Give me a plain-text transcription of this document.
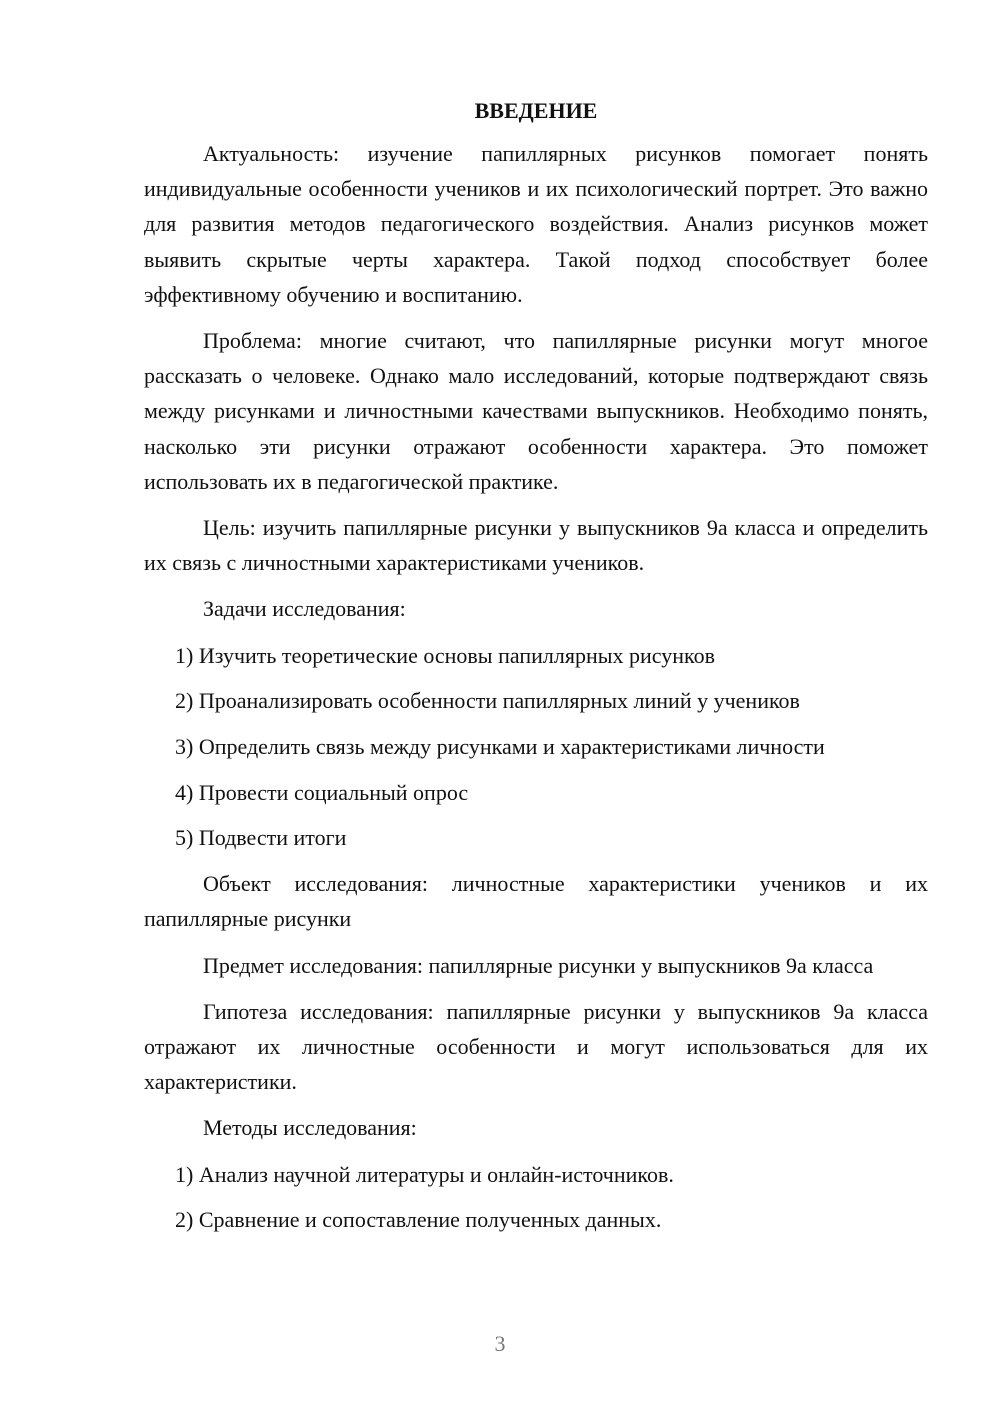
ВВЕДЕНИЕ

Актуальность: изучение папиллярных рисунков помогает понять индивидуальные особенности учеников и их психологический портрет. Это важно для развития методов педагогического воздействия. Анализ рисунков может выявить скрытые черты характера. Такой подход способствует более эффективному обучению и воспитанию.

Проблема: многие считают, что папиллярные рисунки могут многое рассказать о человеке. Однако мало исследований, которые подтверждают связь между рисунками и личностными качествами выпускников. Необходимо понять, насколько эти рисунки отражают особенности характера. Это поможет использовать их в педагогической практике.

Цель: изучить папиллярные рисунки у выпускников 9а класса и определить их связь с личностными характеристиками учеников.

Задачи исследования:

1) Изучить теоретические основы папиллярных рисунков
2) Проанализировать особенности папиллярных линий у учеников
3) Определить связь между рисунками и характеристиками личности
4) Провести социальный опрос
5) Подвести итоги

Объект исследования: личностные характеристики учеников и их папиллярные рисунки

Предмет исследования: папиллярные рисунки у выпускников 9а класса

Гипотеза исследования: папиллярные рисунки у выпускников 9а класса отражают их личностные особенности и могут использоваться для их характеристики.

Методы исследования:

1) Анализ научной литературы и онлайн-источников.
2) Сравнение и сопоставление полученных данных.

3
